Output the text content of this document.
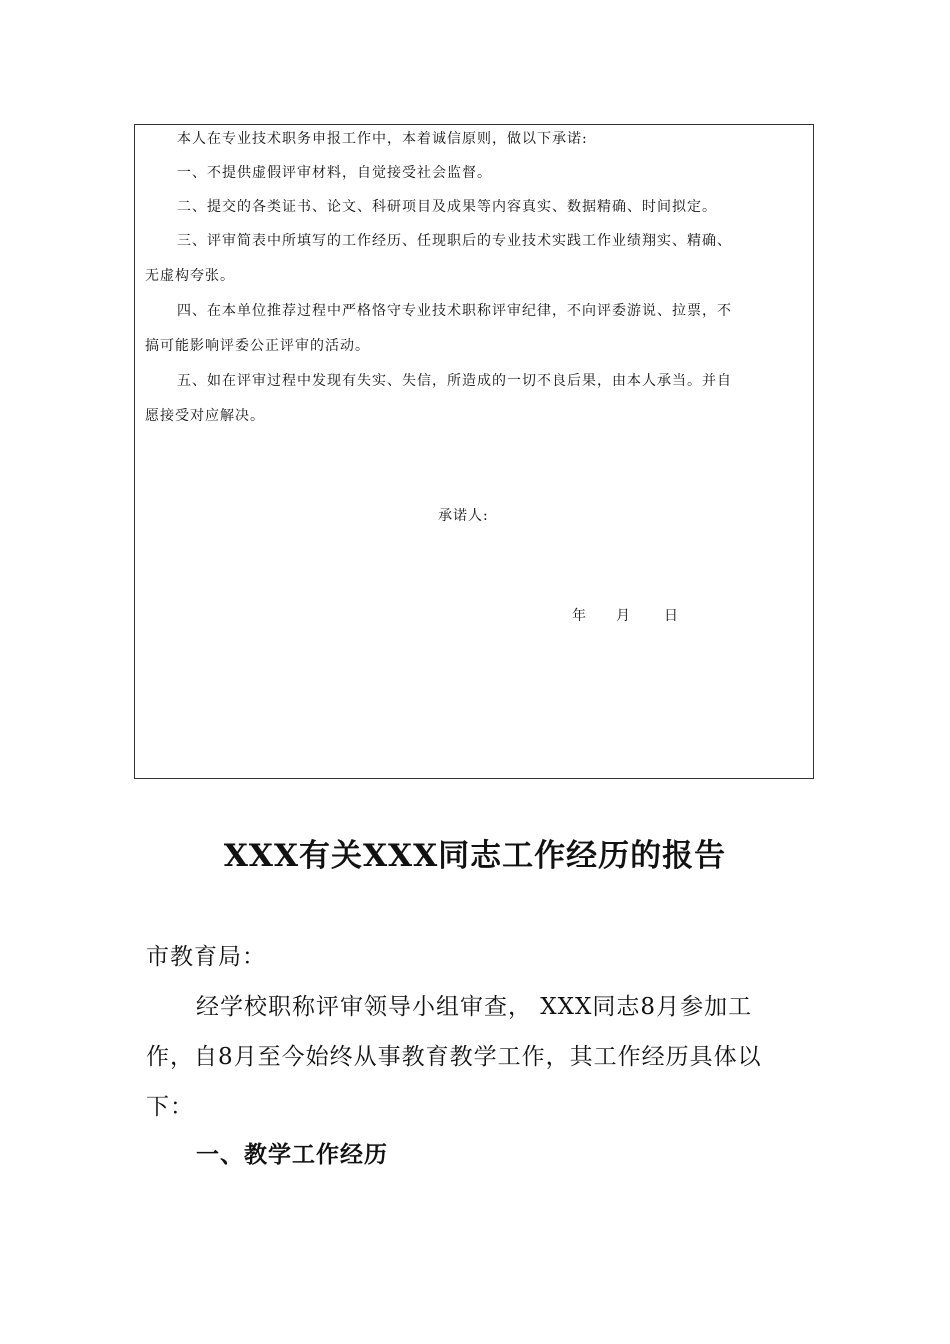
本人在专业技术职务申报工作中，本着诚信原则，做以下承诺:
一、不提供虚假评审材料，自觉接受社会监督。
二、提交的各类证书、论文、科研项目及成果等内容真实、数据精确、时间拟定。
三、评审简表中所填写的工作经历、任现职后的专业技术实践工作业绩翔实、精确、
无虚构夸张。
四、在本单位推荐过程中严格恪守专业技术职称评审纪律，不向评委游说、拉票，不
搞可能影响评委公正评审的活动。
五、如在评审过程中发现有失实、失信，所造成的一切不良后果，由本人承当。并自
愿接受对应解决。
承诺人:
年 月 日
XXX有关XXX同志工作经历的报告
市教育局：
经学校职称评审领导小组审查， XXX同志8月参加工
作，自8月至今始终从事教育教学工作，其工作经历具体以
下：
一、教学工作经历
